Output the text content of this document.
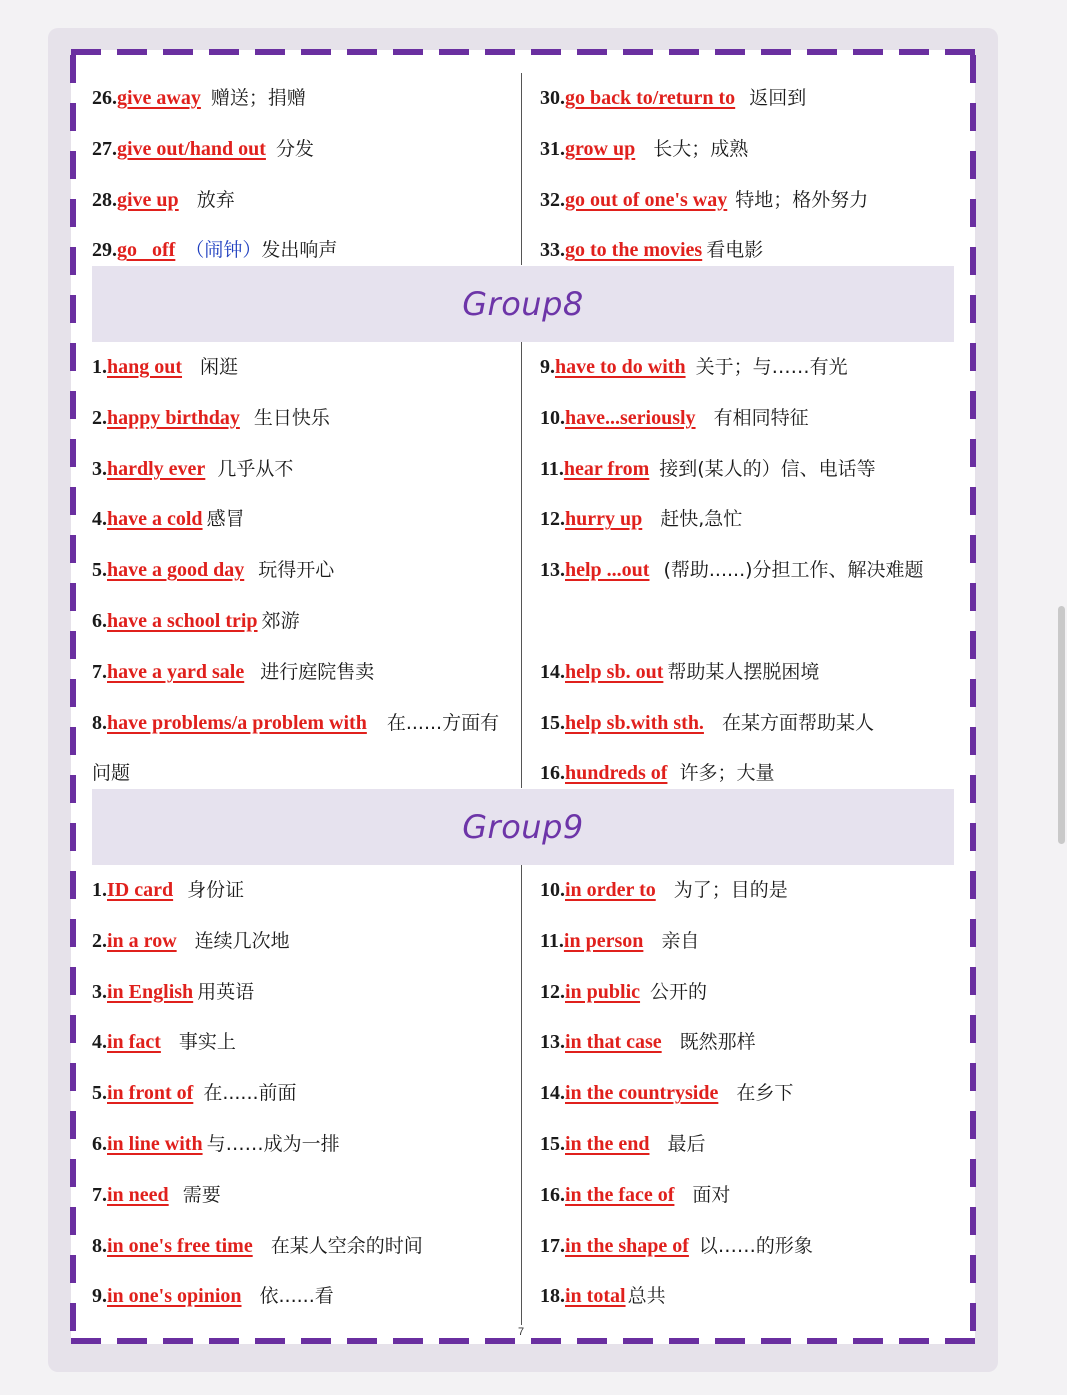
26.give away 赠送；捐赠
27.give out/hand out 分发
28.give up 放弃
29.go   off （闹钟）发出响声
30.go back to/return to 返回到
31.grow up 长大；成熟
32.go out of one's way 特地；格外努力
33.go to the movies 看电影
Group8
1.hang out 闲逛
2.happy birthday 生日快乐
3.hardly ever 几乎从不
4.have a cold 感冒
5.have a good day 玩得开心
6.have a school trip 郊游
7.have a yard sale 进行庭院售卖
8.have problems/a problem with 在......方面有问题
9.have to do with 关于；与……有光
10.have...seriously 有相同特征
11.hear from 接到(某人的）信、电话等
12.hurry up 赶快,急忙
13.help ...out (帮助......)分担工作、解决难题
14.help sb. out 帮助某人摆脱困境
15.help sb.with sth. 在某方面帮助某人
16.hundreds of 许多；大量
Group9
1.ID card 身份证
2.in a row 连续几次地
3.in English 用英语
4.in fact 事实上
5.in front of 在......前面
6.in line with 与……成为一排
7.in need 需要
8.in one's free time 在某人空余的时间
9.in one's opinion 依......看
10.in order to 为了；目的是
11.in person 亲自
12.in public 公开的
13.in that case 既然那样
14.in the countryside 在乡下
15.in the end 最后
16.in the face of 面对
17.in the shape of 以……的形象
18.in total 总共
7
